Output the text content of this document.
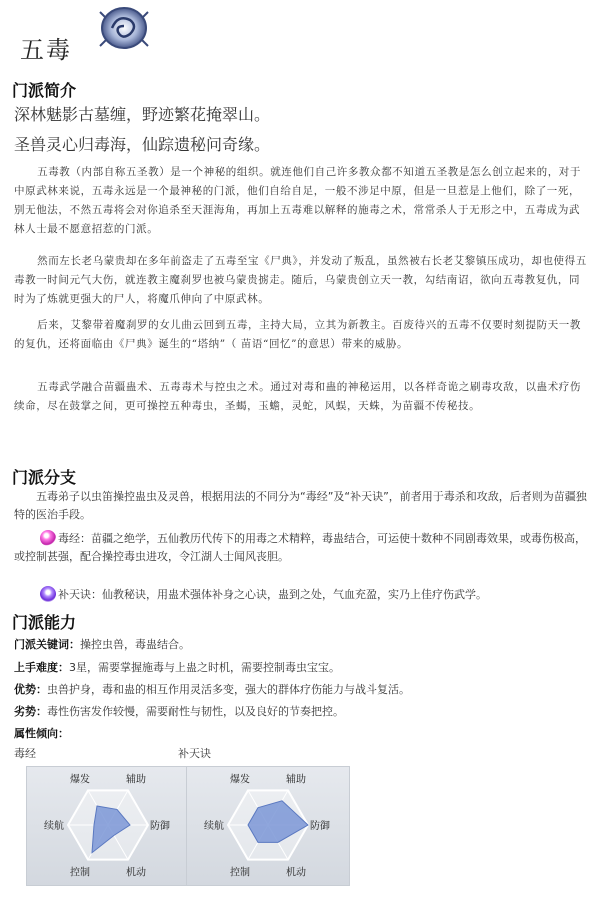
五毒
门派简介
深林魅影古墓缠，野迹繁花掩翠山。
圣兽灵心归毒海，仙踪遗秘问奇缘。

五毒教（内部自称五圣教）是一个神秘的组织。就连他们自己许多教众都不知道五圣教是怎么创立起来的，对于中原武林来说，五毒永远是一个最神秘的门派，他们自给自足，一般不涉足中原，但是一旦惹是上他们，除了一死，别无他法，不然五毒将会对你追杀至天涯海角，再加上五毒难以解释的施毒之术，常常杀人于无形之中，五毒成为武林人士最不愿意招惹的门派。

然而左长老乌蒙贵却在多年前盗走了五毒至宝《尸典》，并发动了叛乱，虽然被右长老艾黎镇压成功，却也使得五毒教一时间元气大伤，就连教主魔刹罗也被乌蒙贵掳走。随后，乌蒙贵创立天一教，勾结南诏，欲向五毒教复仇，同时为了炼就更强大的尸人，将魔爪伸向了中原武林。

后来，艾黎带着魔刹罗的女儿曲云回到五毒，主持大局，立其为新教主。百废待兴的五毒不仅要时刻提防天一教的复仇，还将面临由《尸典》诞生的“塔纳”（ 苗语“回忆”的意思）带来的威胁。

五毒武学融合苗疆蛊术、五毒毒术与控虫之术。通过对毒和蛊的神秘运用，以各样奇诡之刷毒攻敌，以蛊术疗伤续命，尽在鼓掌之间，更可操控五种毒虫，圣蝎，玉蟾，灵蛇，风蜈，天蛛，为苗疆不传秘技。

门派分支

五毒弟子以虫笛操控蛊虫及灵兽，根据用法的不同分为“毒经”及“补天诀”，前者用于毒杀和攻敌，后者则为苗疆独特的医治手段。

毒经：苗疆之绝学，五仙教历代传下的用毒之术精粹，毒蛊结合，可运使十数种不同剧毒效果，或毒伤极高，或控制甚强，配合操控毒虫进攻，令江湖人士闻风丧胆。
补天诀：仙教秘诀，用蛊术强体补身之心诀，蛊到之处，气血充盈，实乃上佳疗伤武学。
门派能力
门派关键词：操控虫兽，毒蛊结合。
上手难度：3星，需要掌握施毒与上蛊之时机，需要控制毒虫宝宝。
优势：虫兽护身，毒和蛊的相互作用灵活多变，强大的群体疗伤能力与战斗复活。
劣势：毒性伤害发作较慢，需要耐性与韧性，以及良好的节奏把控。
属性倾向：
毒经	补天诀
爆发	辅助
防御
机动
控制
续航
爆发	辅助
防御
机动
控制
续航
